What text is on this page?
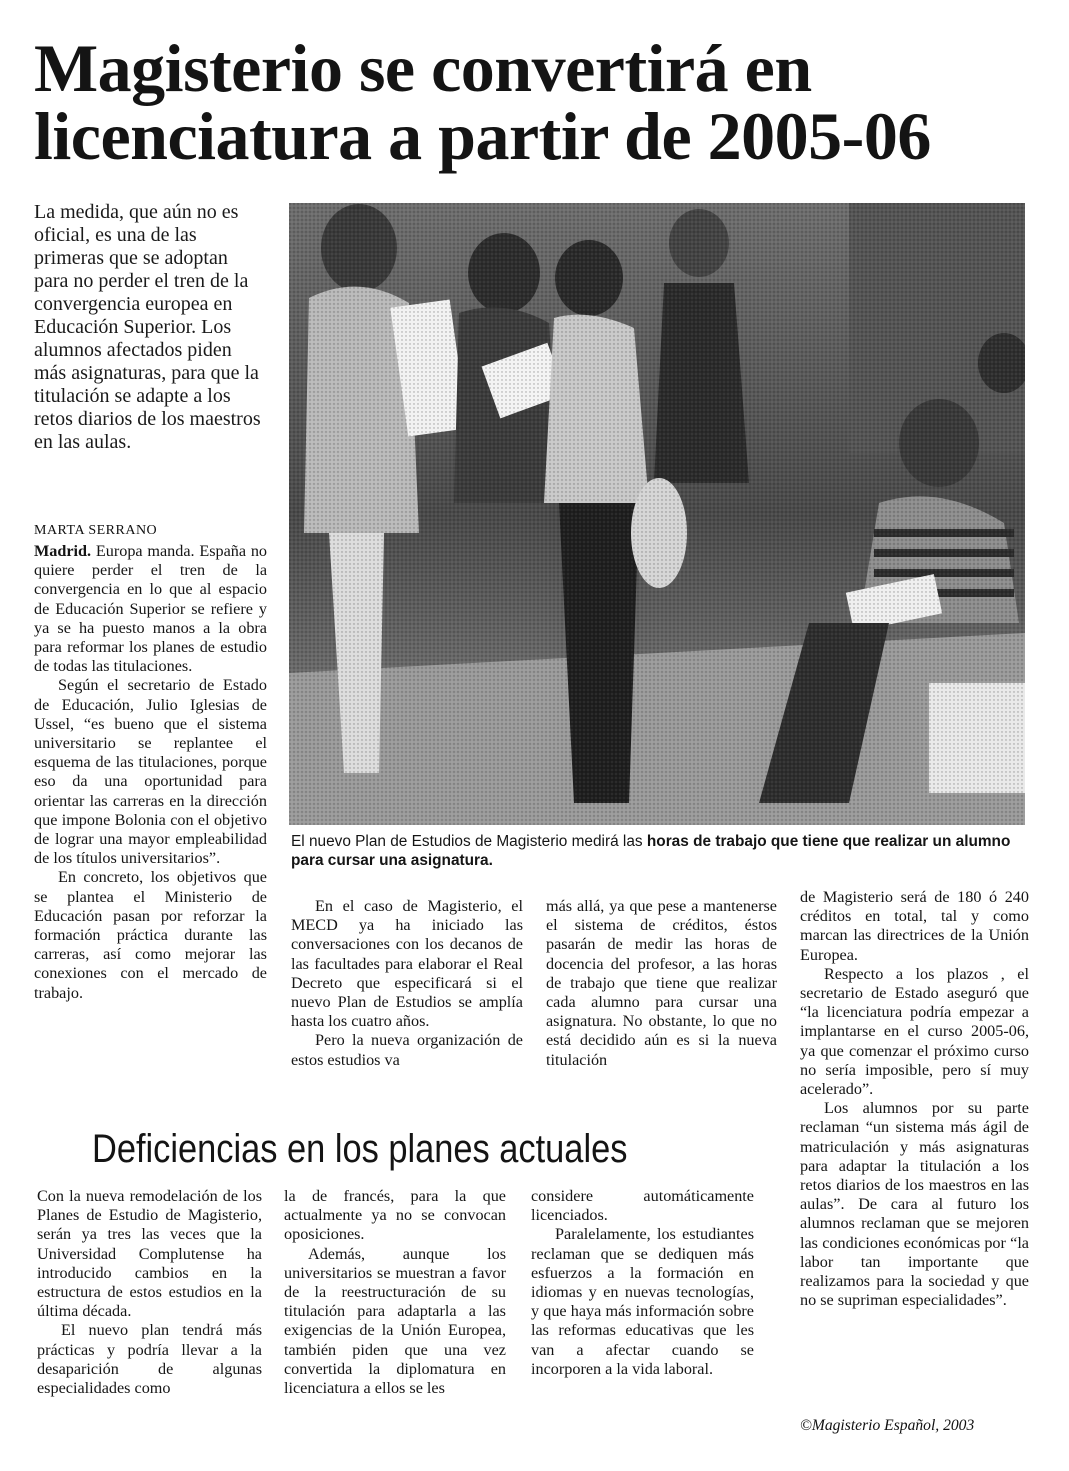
Magisterio se convertirá en
licenciatura a partir de 2005-06
La medida, que aún no es oficial, es una de las primeras que se adoptan para no perder el tren de la convergencia europea en Educación Superior. Los alumnos afectados piden más asignaturas, para que la titulación se adapte a los retos diarios de los maestros en las aulas.
MARTA SERRANO

Madrid. Europa manda. España no quiere perder el tren de la convergencia en lo que al espacio de Educación Superior se refiere y ya se ha puesto manos a la obra para reformar los planes de estudio de todas las titulaciones.

Según el secretario de Estado de Educación, Julio Iglesias de Ussel, “es bueno que el sistema universitario se replantee el esquema de las titulaciones, porque eso da una oportunidad para orientar las carreras en la dirección que impone Bolonia con el objetivo de lograr una mayor empleabilidad de los títulos universitarios”.

En concreto, los objetivos que se plantea el Ministerio de Educación pasan por reforzar la formación práctica durante las carreras, así como mejorar las conexiones con el mercado de trabajo.

El nuevo Plan de Estudios de Magisterio medirá las horas de trabajo que tiene que realizar un alumno para cursar una asignatura.

En el caso de Magisterio, el MECD ya ha iniciado las conversaciones con los decanos de las facultades para elaborar el Real Decreto que especificará si el nuevo Plan de Estudios se amplía hasta los cuatro años.

Pero la nueva organización de estos estudios va

más allá, ya que pese a mantenerse el sistema de créditos, éstos pasarán de medir las horas de docencia del profesor, a las horas de trabajo que tiene que realizar cada alumno para cursar una asignatura. No obstante, lo que no está decidido aún es si la nueva titulación

de Magisterio será de 180 ó 240 créditos en total, tal y como marcan las directrices de la Unión Europea.

Respecto a los plazos , el secretario de Estado aseguró que “la licenciatura podría empezar a implantarse en el curso 2005-06, ya que comenzar el próximo curso no sería imposible, pero sí muy acelerado”.

Los alumnos por su parte reclaman “un sistema más ágil de matriculación y más asignaturas para adaptar la titulación a los retos diarios de los maestros en las aulas”. De cara al futuro los alumnos reclaman que se mejoren las condiciones económicas por “la labor tan importante que realizamos para la sociedad y que no se supriman especialidades”.

Deficiencias en los planes actuales

Con la nueva remodelación de los Planes de Estudio de Magisterio, serán ya tres las veces que la Universidad Complutense ha introducido cambios en la estructura de estos estudios en la última década.

El nuevo plan tendrá más prácticas y podría llevar a la desaparición de algunas especialidades como

la de francés, para la que actualmente ya no se convocan oposiciones.

Además, aunque los universitarios se muestran a favor de la reestructuración de su titulación para adaptarla a las exigencias de la Unión Europea, también piden que una vez convertida la diplomatura en licenciatura a ellos se les

considere automáticamente licenciados.

Paralelamente, los estudiantes reclaman que se dediquen más esfuerzos a la formación en idiomas y en nuevas tecnologías, y que haya más información sobre las reformas educativas que les van a afectar cuando se incorporen a la vida laboral.

©Magisterio Español, 2003
